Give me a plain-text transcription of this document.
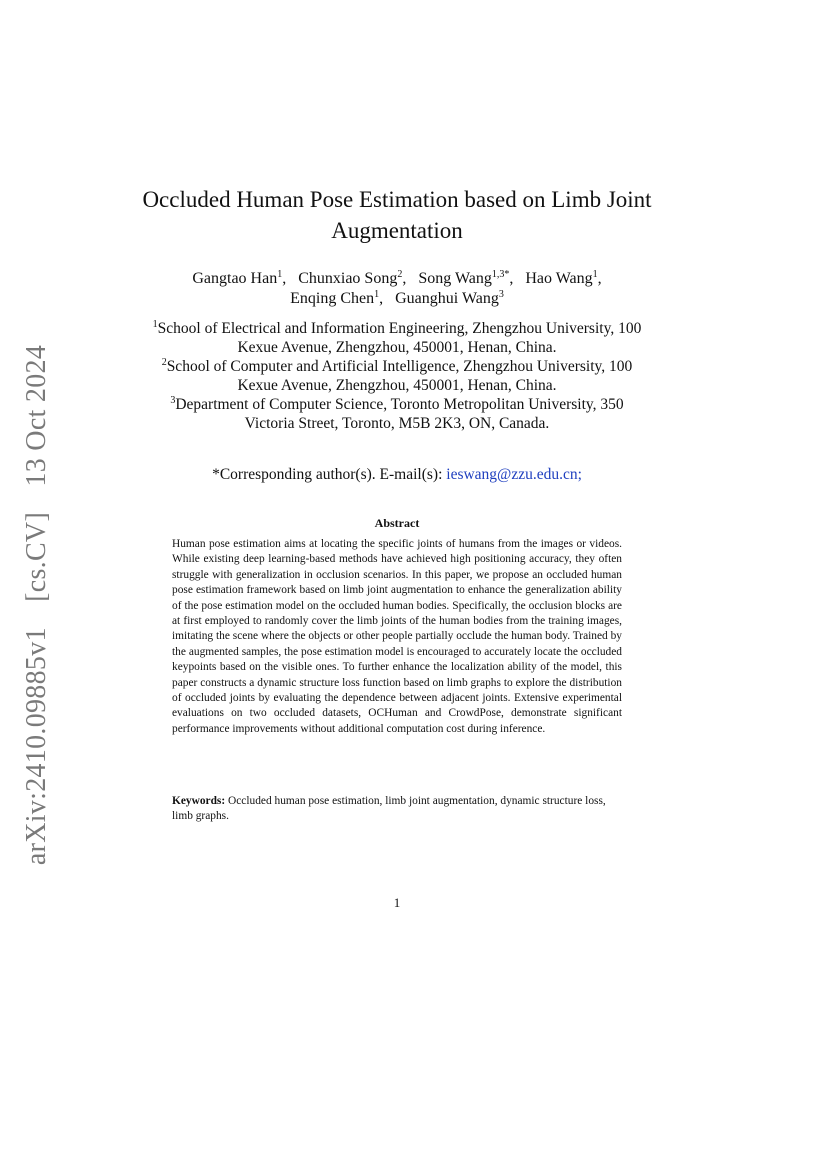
arXiv:2410.09885v1 [cs.CV] 13 Oct 2024
Occluded Human Pose Estimation based on Limb Joint Augmentation
Gangtao Han$^1$,   Chunxiao Song$^2$,   Song Wang$^{1,3*}$,   Hao Wang$^1$,
Enqing Chen$^1$,   Guanghui Wang$^3$
$^1$School of Electrical and Information Engineering, Zhengzhou University, 100 Kexue Avenue, Zhengzhou, 450001, Henan, China.
$^2$School of Computer and Artificial Intelligence, Zhengzhou University, 100 Kexue Avenue, Zhengzhou, 450001, Henan, China.
$^3$Department of Computer Science, Toronto Metropolitan University, 350 Victoria Street, Toronto, M5B 2K3, ON, Canada.
*Corresponding author(s). E-mail(s): ieswang@zzu.edu.cn;
Abstract
Human pose estimation aims at locating the specific joints of humans from the images or videos. While existing deep learning-based methods have achieved high positioning accuracy, they often struggle with generalization in occlusion scenarios. In this paper, we propose an occluded human pose estimation framework based on limb joint augmentation to enhance the generalization ability of the pose estimation model on the occluded human bodies. Specifically, the occlusion blocks are at first employed to randomly cover the limb joints of the human bodies from the training images, imitating the scene where the objects or other people partially occlude the human body. Trained by the augmented samples, the pose estimation model is encouraged to accurately locate the occluded keypoints based on the visible ones. To further enhance the localization ability of the model, this paper constructs a dynamic structure loss function based on limb graphs to explore the distribution of occluded joints by evaluating the dependence between adjacent joints. Extensive experimental evaluations on two occluded datasets, OCHuman and CrowdPose, demonstrate significant performance improvements without additional computation cost during inference.
Keywords: Occluded human pose estimation, limb joint augmentation, dynamic structure loss, limb graphs.
1
